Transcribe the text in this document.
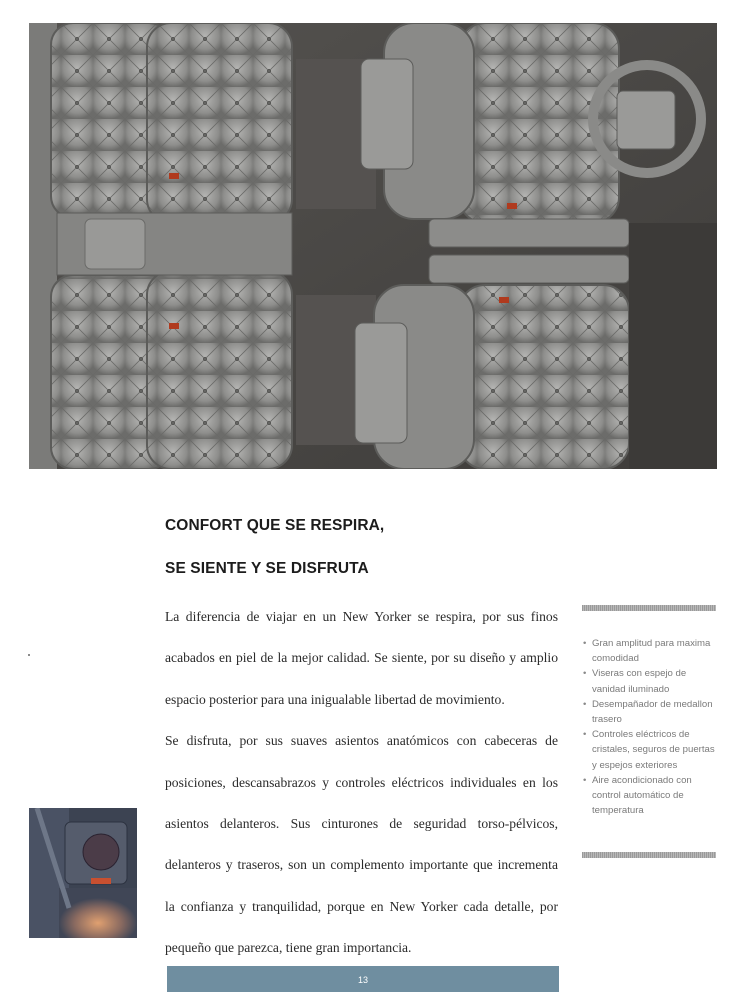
CONFORT QUE SE RESPIRA,
SE SIENTE Y SE DISFRUTA

La diferencia de viajar en un New Yorker se respira, por sus finos acabados en piel de la mejor calidad. Se siente, por su diseño y amplio espacio posterior para una inigualable libertad de movimiento.

Se disfruta, por sus suaves asientos anatómicos con cabeceras de posiciones, descansabrazos y controles eléctricos individuales en los asientos delanteros. Sus cinturones de seguridad torso-pélvicos, delanteros y traseros, son un complemento importante que incrementa la confianza y tranquilidad, porque en New Yorker cada detalle, por pequeño que parezca, tiene gran importancia.

• Gran amplitud para maxima comodidad
• Viseras con espejo de vanidad iluminado
• Desempañador de medallon trasero
• Controles eléctricos de cristales, seguros de puertas y espejos exteriores
• Aire acondicionado con control automático de temperatura
13
